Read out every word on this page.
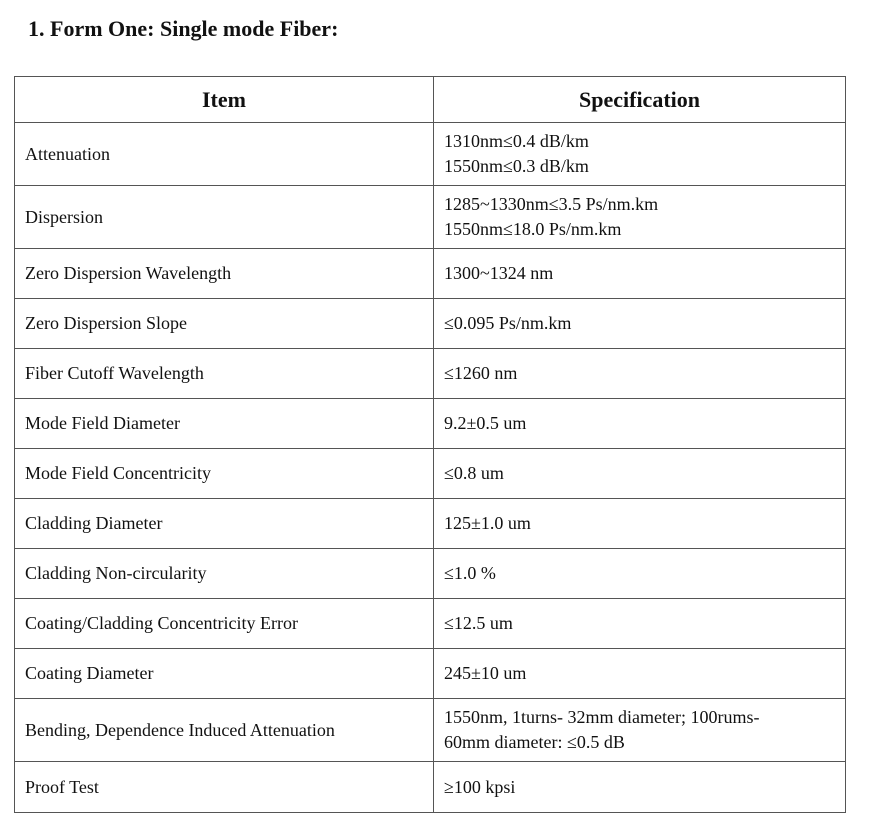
1. Form One: Single mode Fiber:
Item	Specification
Attenuation	1310nm≤0.4 dB/km
1550nm≤0.3 dB/km

Dispersion	1285~1330nm≤3.5 Ps/nm.km
1550nm≤18.0 Ps/nm.km

Zero Dispersion Wavelength	1300~1324 nm
Zero Dispersion Slope	≤0.095 Ps/nm.km
Fiber Cutoff Wavelength	≤1260 nm
Mode Field Diameter	9.2±0.5 um
Mode Field Concentricity	≤0.8 um
Cladding Diameter	125±1.0 um
Cladding Non-circularity	≤1.0 %
Coating/Cladding Concentricity Error	≤12.5 um
Coating Diameter	245±10 um
Bending, Dependence Induced Attenuation	1550nm, 1turns- 32mm diameter; 100rums-
60mm diameter: ≤0.5 dB

Proof Test	≥100 kpsi
